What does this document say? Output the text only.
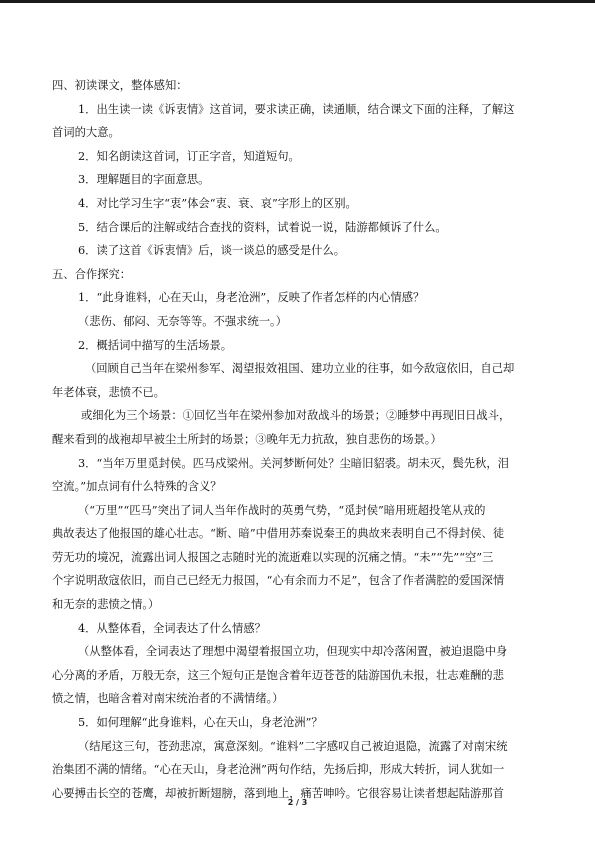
四、初读课文，整体感知：

1．出生读一读《诉衷情》这首词，要求读正确，读通顺，结合课文下面的注释，了解这

首词的大意。

2．知名朗读这首词，订正字音，知道短句。

3．理解题目的字面意思。

4．对比学习生字“衷”体会“衷、衰、哀”字形上的区别。

5．结合课后的注解或结合查找的资料，试着说一说，陆游都倾诉了什么。

6．读了这首《诉衷情》后，谈一谈总的感受是什么。

五、合作探究：

1．“此身谁料，心在天山，身老沧洲”，反映了作者怎样的内心情感？

（悲伤、郁闷、无奈等等。不强求统一。）

2．概括词中描写的生活场景。

（回顾自己当年在梁州参军、渴望报效祖国、建功立业的往事，如今敌寇依旧，自己却

年老体衰，悲愤不已。

或细化为三个场景：①回忆当年在梁州参加对敌战斗的场景；②睡梦中再现旧日战斗，

醒来看到的战袍却早被尘土所封的场景；③晚年无力抗敌，独自悲伤的场景。）

3．“当年万里觅封侯。匹马戍梁州。关河梦断何处？尘暗旧貂裘。胡未灭，鬓先秋，泪

空流。”加点词有什么特殊的含义？

（“万里”“匹马”突出了词人当年作战时的英勇气势，“觅封侯”暗用班超投笔从戎的

典故表达了他报国的雄心壮志。“断、暗”中借用苏秦说秦王的典故来表明自己不得封侯、徒

劳无功的境况，流露出词人报国之志随时光的流逝难以实现的沉痛之情。“未”“先”“空”三

个字说明敌寇依旧，而自己已经无力报国，“心有余而力不足”，包含了作者满腔的爱国深情

和无奈的悲愤之情。）

4．从整体看，全词表达了什么情感？

（从整体看，全词表达了理想中渴望着报国立功，但现实中却冷落闲置，被迫退隐中身

心分离的矛盾，万般无奈，这三个短句正是饱含着年迈苍苍的陆游国仇未报，壮志难酬的悲

愤之情，也暗含着对南宋统治者的不满情绪。）

5．如何理解“此身谁料，心在天山，身老沧洲”？

（结尾这三句，苍劲悲凉，寓意深刻。“谁料”二字感叹自己被迫退隐，流露了对南宋统

治集团不满的情绪。“心在天山，身老沧洲”两句作结，先扬后抑，形成大转折，词人犹如一

心要搏击长空的苍鹰，却被折断翅膀，落到地上，痛苦呻吟。它很容易让读者想起陆游那首

2 / 3
